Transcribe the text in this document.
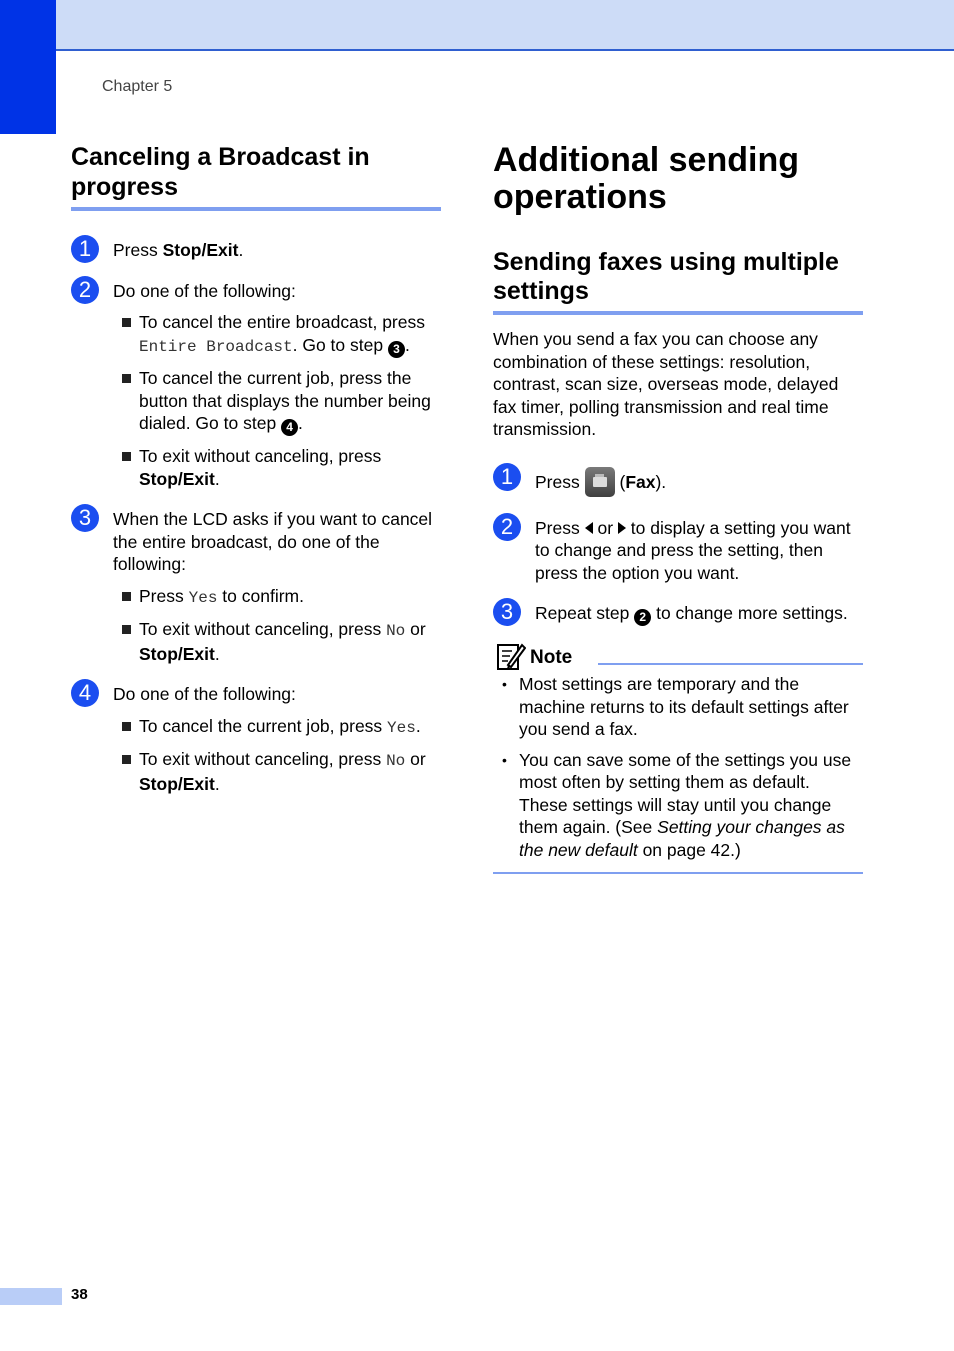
Chapter 5
Canceling a Broadcast in progress
1	Press Stop/Exit.
2	Do one of the following:
To cancel the entire broadcast, press Entire Broadcast. Go to step 3 .
To cancel the current job, press the button that displays the number being dialed. Go to step 4 .
To exit without canceling, press Stop/Exit.
3	When the LCD asks if you want to cancel the entire broadcast, do one of the following:
Press Yes to confirm.
To exit without canceling, press No or Stop/Exit.
4	Do one of the following:
To cancel the current job, press Yes.
To exit without canceling, press No or Stop/Exit.
Additional sending operations
Sending faxes using multiple settings
When you send a fax you can choose any combination of these settings: resolution, contrast, scan size, overseas mode, delayed fax timer, polling transmission and real time transmission.
1	Press
(Fax).
2	Press  or  to display a setting you want to change and press the setting, then press the option you want.
3	Repeat step 2 to change more settings.
Note
• Most settings are temporary and the machine returns to its default settings after you send a fax.
• You can save some of the settings you use most often by setting them as default. These settings will stay until you change them again. (See Setting your changes as the new default on page 42.)
38
